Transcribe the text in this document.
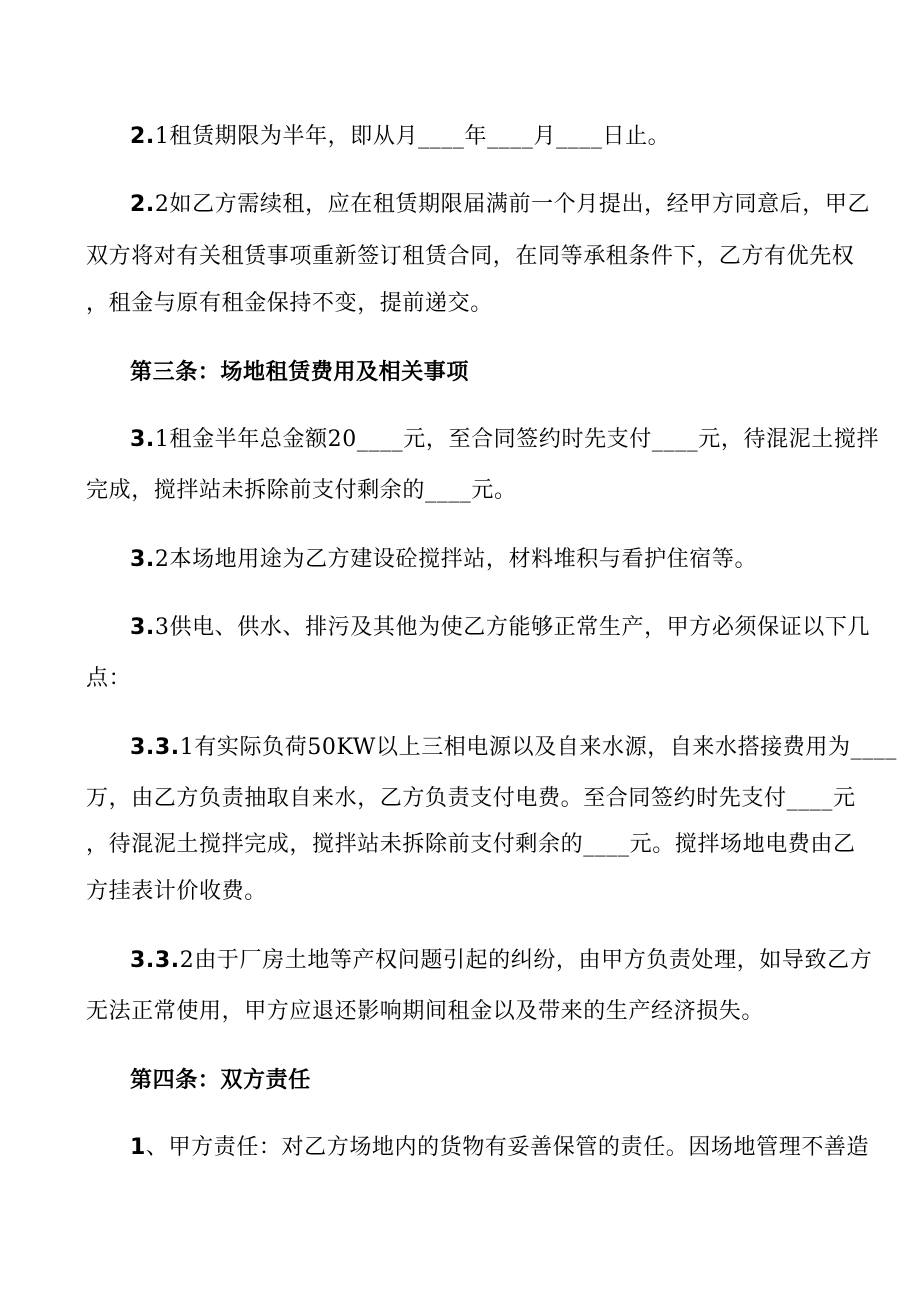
2.1租赁期限为半年，即从月____年____月____日止。
2.2如乙方需续租，应在租赁期限届满前一个月提出，经甲方同意后，甲乙
双方将对有关租赁事项重新签订租赁合同，在同等承租条件下，乙方有优先权
，租金与原有租金保持不变，提前递交。
第三条：场地租赁费用及相关事项
3.1租金半年总金额20____元，至合同签约时先支付____元，待混泥土搅拌
完成，搅拌站未拆除前支付剩余的____元。
3.2本场地用途为乙方建设砼搅拌站，材料堆积与看护住宿等。
3.3供电、供水、排污及其他为使乙方能够正常生产，甲方必须保证以下几
点：
3.3.1有实际负荷50KW以上三相电源以及自来水源，自来水搭接费用为____
万，由乙方负责抽取自来水，乙方负责支付电费。至合同签约时先支付____元
，待混泥土搅拌完成，搅拌站未拆除前支付剩余的____元。搅拌场地电费由乙
方挂表计价收费。
3.3.2由于厂房土地等产权问题引起的纠纷，由甲方负责处理，如导致乙方
无法正常使用，甲方应退还影响期间租金以及带来的生产经济损失。
第四条：双方责任
1、甲方责任：对乙方场地内的货物有妥善保管的责任。因场地管理不善造
